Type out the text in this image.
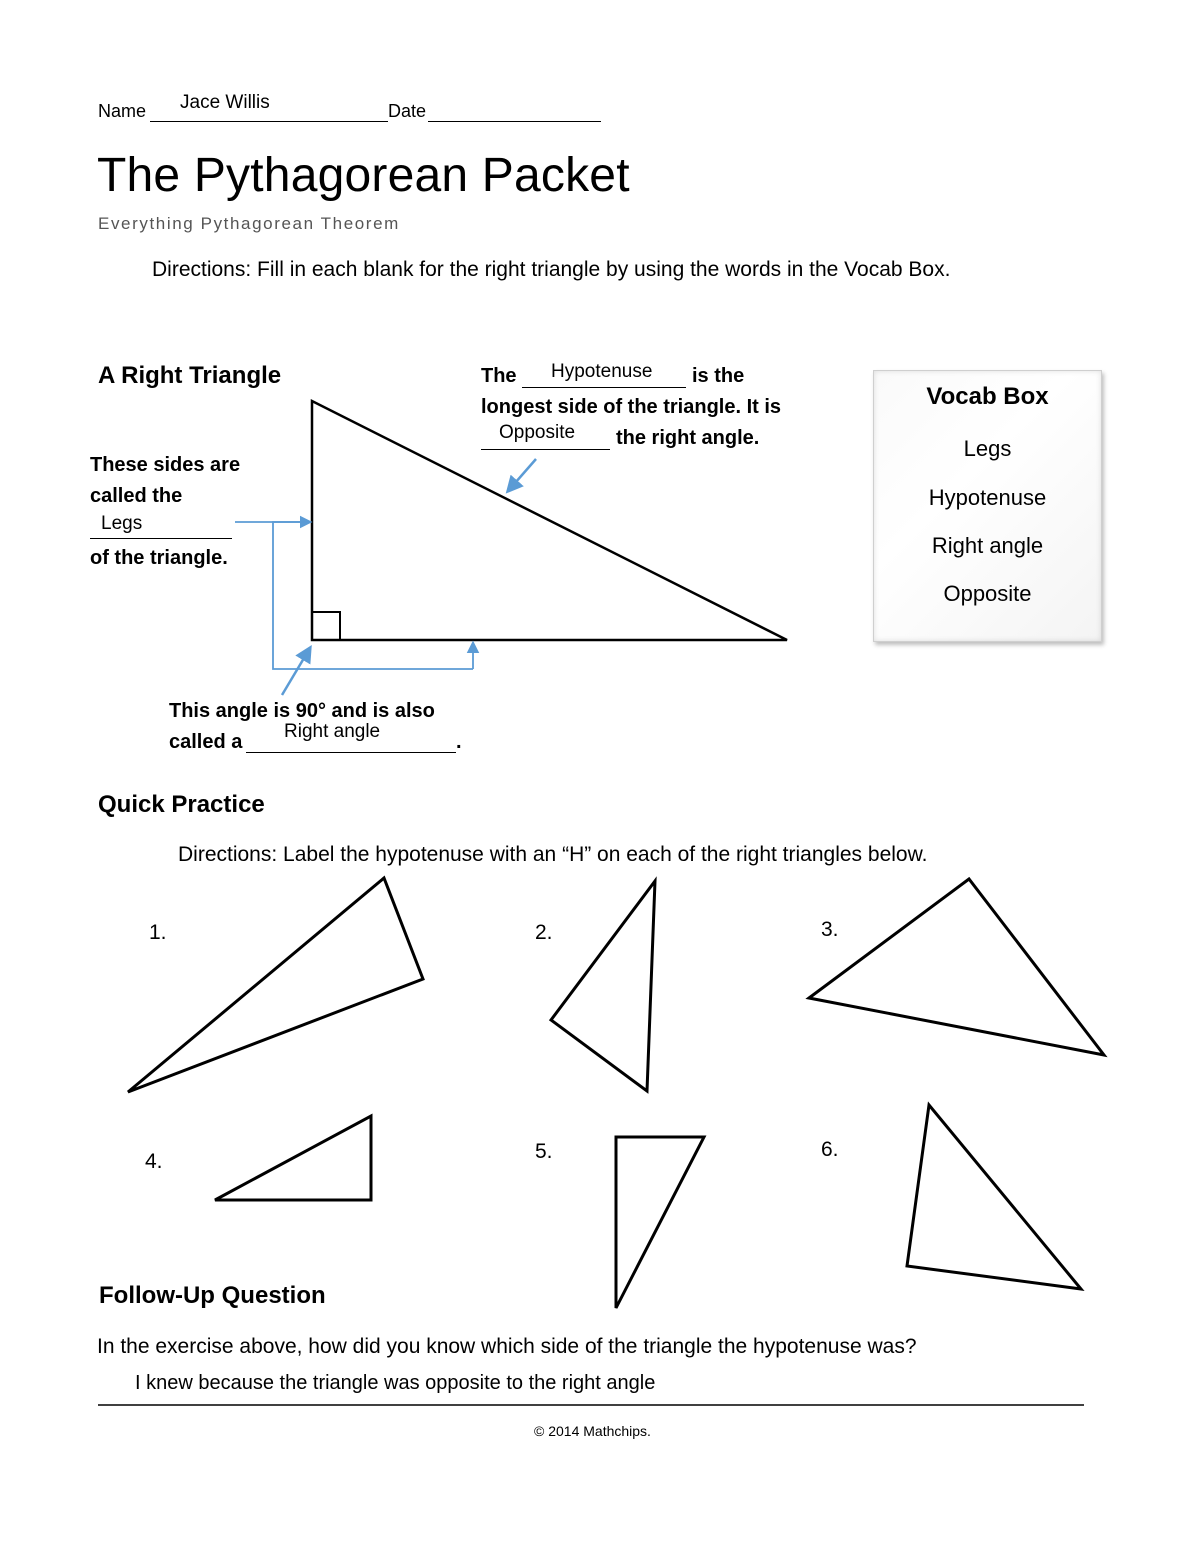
Name Jace Willis	Date
The Pythagorean Packet
Everything Pythagorean Theorem
Directions: Fill in each blank for the right triangle by using the words in the Vocab Box.
A Right Triangle	The Hypotenuse is the
longest side of the triangle. It is
Opposite the right angle.
These sides are
called the
Legs
of the triangle.
This angle is 90° and is also
called a Right angle	.
Vocab Box
Legs
Hypotenuse
Right angle
Opposite
Quick Practice
Directions: Label the hypotenuse with an “H” on each of the right triangles below.
1.	2.	3.
4.	5.	6.
Follow-Up Question
In the exercise above, how did you know which side of the triangle the hypotenuse was?
I knew because the triangle was opposite to the right angle
© 2014 Mathchips.
